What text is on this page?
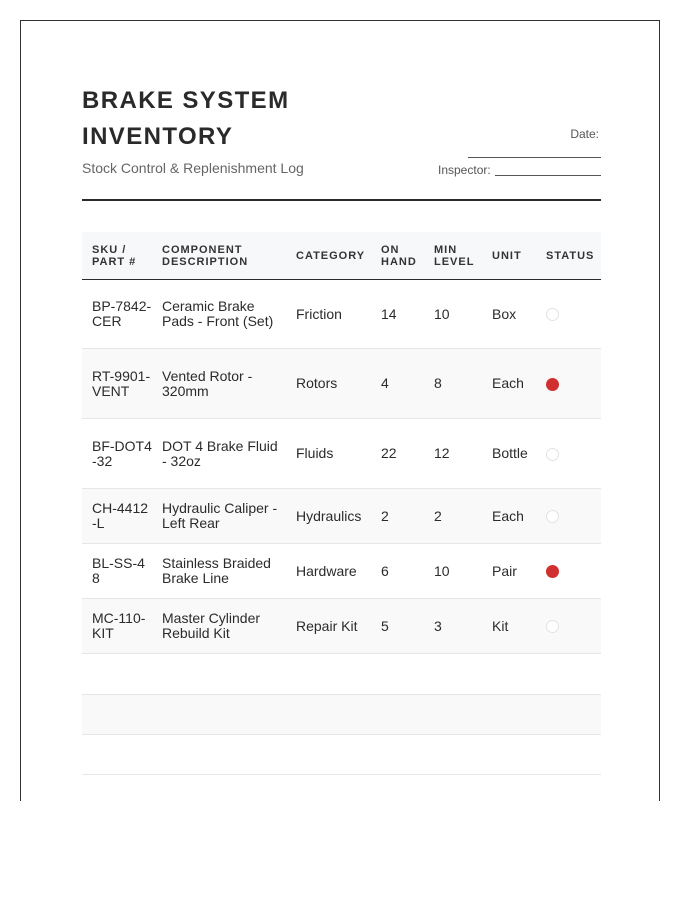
BRAKE SYSTEM INVENTORY
Stock Control & Replenishment Log
Date:
Inspector:
SKU / PART #	COMPONENT DESCRIPTION	CATEGORY	ON HAND	MIN LEVEL	UNIT	STATUS
BP-7842-CER	Ceramic Brake Pads - Front (Set)	Friction	14	10	Box	
RT-9901-VENT	Vented Rotor - 320mm	Rotors	4	8	Each	
BF-DOT4-32	DOT 4 Brake Fluid - 32oz	Fluids	22	12	Bottle	
CH-4412-L	Hydraulic Caliper - Left Rear	Hydraulics	2	2	Each	
BL-SS-48	Stainless Braided Brake Line	Hardware	6	10	Pair	
MC-110-KIT	Master Cylinder Rebuild Kit	Repair Kit	5	3	Kit	
